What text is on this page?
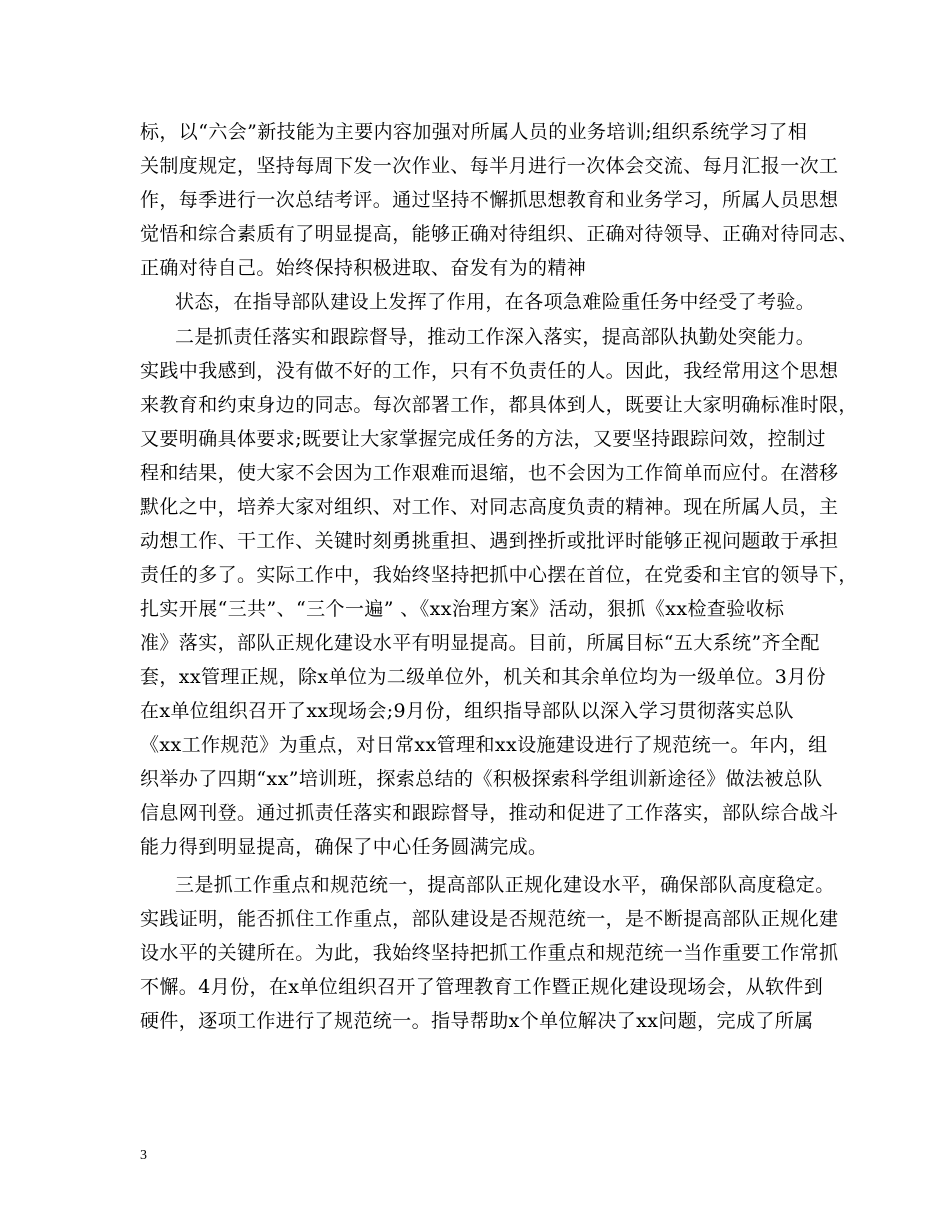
标，以“六会”新技能为主要内容加强对所属人员的业务培训;组织系统学习了相
关制度规定，坚持每周下发一次作业、每半月进行一次体会交流、每月汇报一次工
作，每季进行一次总结考评。通过坚持不懈抓思想教育和业务学习，所属人员思想
觉悟和综合素质有了明显提高，能够正确对待组织、正确对待领导、正确对待同志、
正确对待自己。始终保持积极进取、奋发有为的精神
状态，在指导部队建设上发挥了作用，在各项急难险重任务中经受了考验。
二是抓责任落实和跟踪督导，推动工作深入落实，提高部队执勤处突能力。
实践中我感到，没有做不好的工作，只有不负责任的人。因此，我经常用这个思想
来教育和约束身边的同志。每次部署工作，都具体到人，既要让大家明确标准时限，
又要明确具体要求;既要让大家掌握完成任务的方法，又要坚持跟踪问效，控制过
程和结果，使大家不会因为工作艰难而退缩，也不会因为工作简单而应付。在潜移
默化之中，培养大家对组织、对工作、对同志高度负责的精神。现在所属人员，主
动想工作、干工作、关键时刻勇挑重担、遇到挫折或批评时能够正视问题敢于承担
责任的多了。实际工作中，我始终坚持把抓中心摆在首位，在党委和主官的领导下，
扎实开展“三共”、“三个一遍” 、《xx治理方案》活动，狠抓《xx检查验收标
准》落实，部队正规化建设水平有明显提高。目前，所属目标“五大系统”齐全配
套，xx管理正规，除x单位为二级单位外，机关和其余单位均为一级单位。3月份
在x单位组织召开了xx现场会;9月份，组织指导部队以深入学习贯彻落实总队
《xx工作规范》为重点，对日常xx管理和xx设施建设进行了规范统一。年内，组
织举办了四期“xx”培训班，探索总结的《积极探索科学组训新途径》做法被总队
信息网刊登。通过抓责任落实和跟踪督导，推动和促进了工作落实，部队综合战斗
能力得到明显提高，确保了中心任务圆满完成。
三是抓工作重点和规范统一，提高部队正规化建设水平，确保部队高度稳定。
实践证明，能否抓住工作重点，部队建设是否规范统一，是不断提高部队正规化建
设水平的关键所在。为此，我始终坚持把抓工作重点和规范统一当作重要工作常抓
不懈。4月份，在x单位组织召开了管理教育工作暨正规化建设现场会，从软件到
硬件，逐项工作进行了规范统一。指导帮助x个单位解决了xx问题，完成了所属
3
